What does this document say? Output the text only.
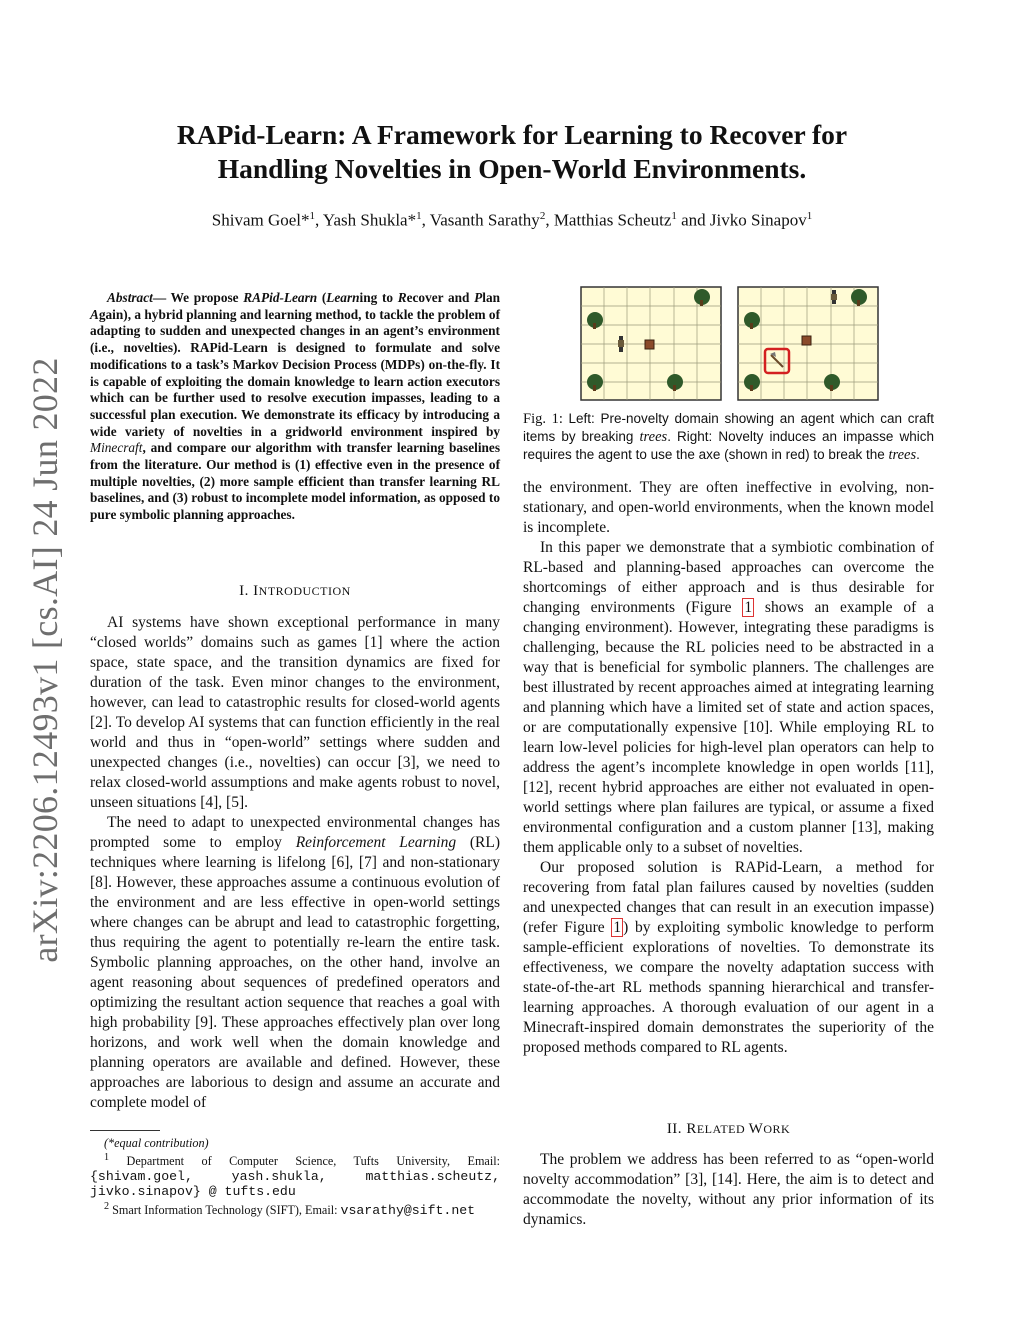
arXiv:2206.12493v1 [cs.AI] 24 Jun 2022
RAPid-Learn: A Framework for Learning to Recover for
Handling Novelties in Open-World Environments.
Shivam Goel*$^1$, Yash Shukla*$^1$, Vasanth Sarathy$^2$, Matthias Scheutz$^1$ and Jivko Sinapov$^1$

Abstract— We propose RAPid-Learn (Learning to Recover and Plan Again), a hybrid planning and learning method, to tackle the problem of adapting to sudden and unexpected changes in an agent’s environment (i.e., novelties). RAPid-Learn is designed to formulate and solve modifications to a task’s Markov Decision Process (MDPs) on-the-fly. It is capable of exploiting the domain knowledge to learn action executors which can be further used to resolve execution impasses, leading to a successful plan execution. We demonstrate its efficacy by introducing a wide variety of novelties in a gridworld environment inspired by Minecraft, and compare our algorithm with transfer learning baselines from the literature. Our method is (1) effective even in the presence of multiple novelties, (2) more sample efficient than transfer learning RL baselines, and (3) robust to incomplete model information, as opposed to pure symbolic planning approaches.

I. INTRODUCTION

AI systems have shown exceptional performance in many “closed worlds” domains such as games [1] where the action space, state space, and the transition dynamics are fixed for duration of the task. Even minor changes to the environment, however, can lead to catastrophic results for closed-world agents [2]. To develop AI systems that can function efficiently in the real world and thus in “open-world” settings where sudden and unexpected changes (i.e., novelties) can occur [3], we need to relax closed-world assumptions and make agents robust to novel, unseen situations [4], [5].

The need to adapt to unexpected environmental changes has prompted some to employ Reinforcement Learning (RL) techniques where learning is lifelong [6], [7] and non-stationary [8]. However, these approaches assume a continuous evolution of the environment and are less effective in open-world settings where changes can be abrupt and lead to catastrophic forgetting, thus requiring the agent to potentially re-learn the entire task. Symbolic planning approaches, on the other hand, involve an agent reasoning about sequences of predefined operators and optimizing the resultant action sequence that reaches a goal with high probability [9]. These approaches effectively plan over long horizons, and work well when the domain knowledge and planning operators are available and defined. However, these approaches are laborious to design and assume an accurate and complete model of

(*equal contribution)
$^1$ Department of Computer Science, Tufts University, Email: {shivam.goel, yash.shukla, matthias.scheutz, jivko.sinapov} @ tufts.edu
$^2$ Smart Information Technology (SIFT), Email: vsarathy@sift.net
Fig. 1: Left: Pre-novelty domain showing an agent which can craft items by breaking trees. Right: Novelty induces an impasse which requires the agent to use the axe (shown in red) to break the trees.

the environment. They are often ineffective in evolving, non-stationary, and open-world environments, when the known model is incomplete.

In this paper we demonstrate that a symbiotic combination of RL-based and planning-based approaches can overcome the shortcomings of either approach and is thus desirable for changing environments (Figure 1 shows an example of a changing environment). However, integrating these paradigms is challenging, because the RL policies need to be abstracted in a way that is beneficial for symbolic planners. The challenges are best illustrated by recent approaches aimed at integrating learning and planning which have a limited set of state and action spaces, or are computationally expensive [10]. While employing RL to learn low-level policies for high-level plan operators can help to address the agent’s incomplete knowledge in open worlds [11], [12], recent hybrid approaches are either not evaluated in open-world settings where plan failures are typical, or assume a fixed environmental configuration and a custom planner [13], making them applicable only to a subset of novelties.

Our proposed solution is RAPid-Learn, a method for recovering from fatal plan failures caused by novelties (sudden and unexpected changes that can result in an execution impasse) (refer Figure 1 ) by exploiting symbolic knowledge to perform sample-efficient explorations of novelties. To demonstrate its effectiveness, we compare the novelty adaptation success with state-of-the-art RL methods spanning hierarchical and transfer-learning approaches. A thorough evaluation of our agent in a Minecraft-inspired domain demonstrates the superiority of the proposed methods compared to RL agents.

II. RELATED WORK

The problem we address has been referred to as “open-world novelty accommodation” [3], [14]. Here, the aim is to detect and accommodate the novelty, without any prior information of its dynamics.
